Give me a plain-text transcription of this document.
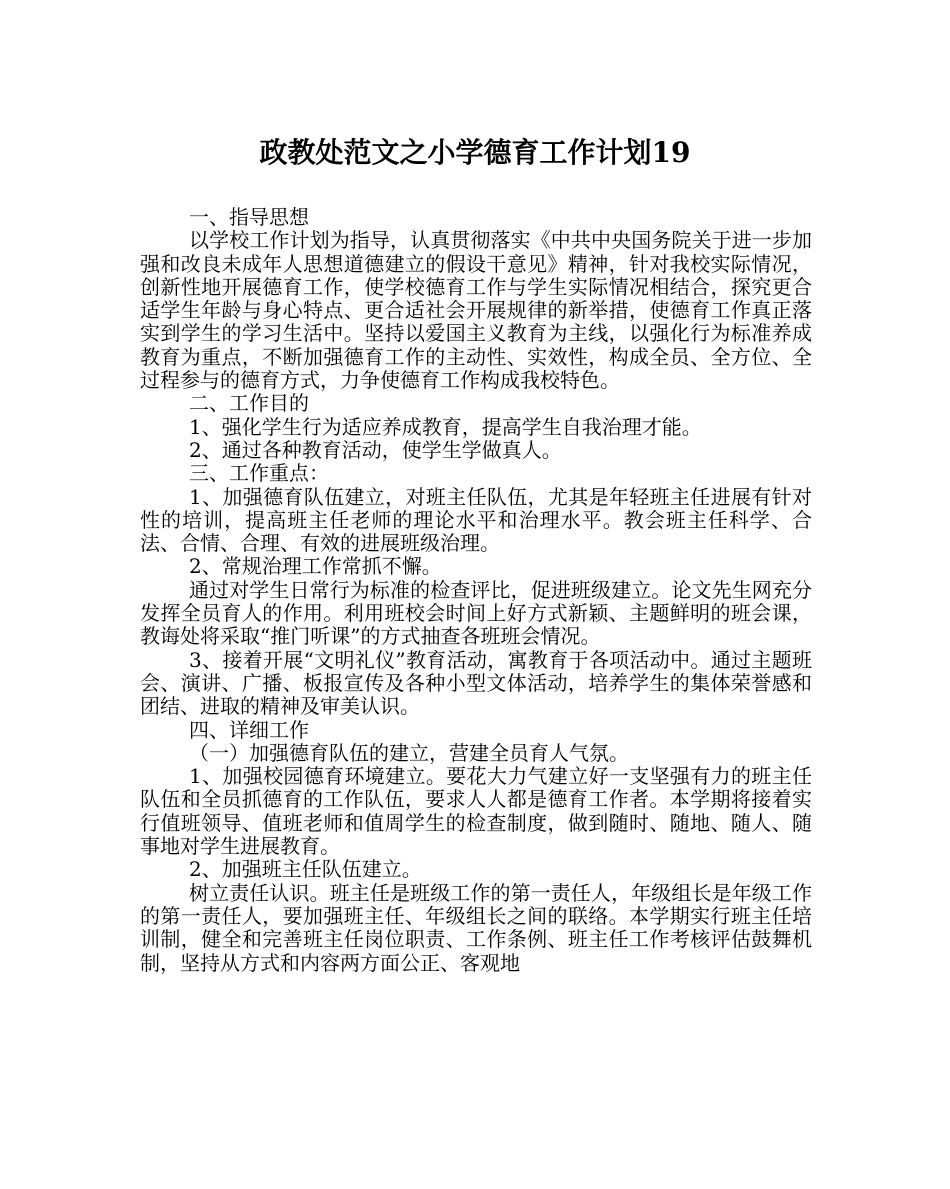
政教处范文之小学德育工作计划19

一、指导思想

以学校工作计划为指导，认真贯彻落实《中共中央国务院关于进一步加强和改良未成年人思想道德建立的假设干意见》精神，针对我校实际情况，创新性地开展德育工作，使学校德育工作与学生实际情况相结合，探究更合适学生年龄与身心特点、更合适社会开展规律的新举措，使德育工作真正落实到学生的学习生活中。坚持以爱国主义教育为主线，以强化行为标准养成教育为重点，不断加强德育工作的主动性、实效性，构成全员、全方位、全过程参与的德育方式，力争使德育工作构成我校特色。

二、工作目的

1、强化学生行为适应养成教育，提高学生自我治理才能。

2、通过各种教育活动，使学生学做真人。

三、工作重点：

1、加强德育队伍建立，对班主任队伍，尤其是年轻班主任进展有针对性的培训，提高班主任老师的理论水平和治理水平。教会班主任科学、合法、合情、合理、有效的进展班级治理。

2、常规治理工作常抓不懈。

通过对学生日常行为标准的检查评比，促进班级建立。论文先生网充分发挥全员育人的作用。利用班校会时间上好方式新颖、主题鲜明的班会课，教诲处将采取“推门听课”的方式抽查各班班会情况。

3、接着开展“文明礼仪”教育活动，寓教育于各项活动中。通过主题班会、演讲、广播、板报宣传及各种小型文体活动，培养学生的集体荣誉感和团结、进取的精神及审美认识。

四、详细工作

（一）加强德育队伍的建立，营建全员育人气氛。

1、加强校园德育环境建立。要花大力气建立好一支坚强有力的班主任队伍和全员抓德育的工作队伍，要求人人都是德育工作者。本学期将接着实行值班领导、值班老师和值周学生的检查制度，做到随时、随地、随人、随事地对学生进展教育。

2、加强班主任队伍建立。

树立责任认识。班主任是班级工作的第一责任人，年级组长是年级工作的第一责任人，要加强班主任、年级组长之间的联络。本学期实行班主任培训制，健全和完善班主任岗位职责、工作条例、班主任工作考核评估鼓舞机制，坚持从方式和内容两方面公正、客观地
